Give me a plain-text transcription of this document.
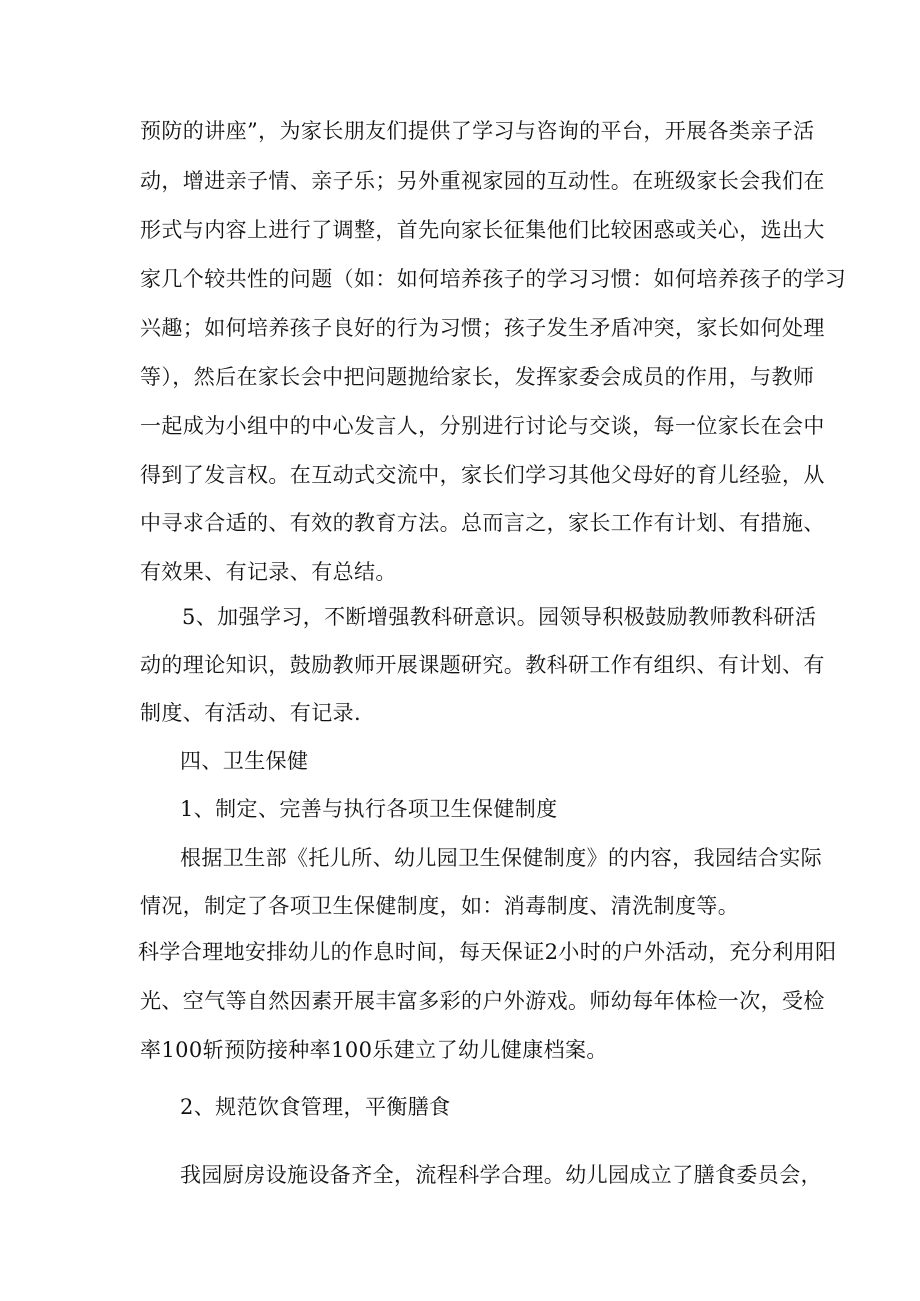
预防的讲座”，为家长朋友们提供了学习与咨询的平台，开展各类亲子活

动，增进亲子情、亲子乐；另外重视家园的互动性。在班级家长会我们在

形式与内容上进行了调整，首先向家长征集他们比较困惑或关心，选出大

家几个较共性的问题（如：如何培养孩子的学习习惯：如何培养孩子的学习

兴趣；如何培养孩子良好的行为习惯；孩子发生矛盾冲突，家长如何处理

等），然后在家长会中把问题抛给家长，发挥家委会成员的作用，与教师

一起成为小组中的中心发言人，分别进行讨论与交谈，每一位家长在会中

得到了发言权。在互动式交流中，家长们学习其他父母好的育儿经验，从

中寻求合适的、有效的教育方法。总而言之，家长工作有计划、有措施、

有效果、有记录、有总结。

5、加强学习，不断增强教科研意识。园领导积极鼓励教师教科研活

动的理论知识，鼓励教师开展课题研究。教科研工作有组织、有计划、有

制度、有活动、有记录.

四、卫生保健

1、制定、完善与执行各项卫生保健制度

根据卫生部《托儿所、幼儿园卫生保健制度》的内容，我园结合实际

情况，制定了各项卫生保健制度，如：消毒制度、清洗制度等。

科学合理地安排幼儿的作息时间，每天保证2小时的户外活动，充分利用阳

光、空气等自然因素开展丰富多彩的户外游戏。师幼每年体检一次，受检

率100斩预防接种率100乐建立了幼儿健康档案。

2、规范饮食管理，平衡膳食

我园厨房设施设备齐全，流程科学合理。幼儿园成立了膳食委员会，
